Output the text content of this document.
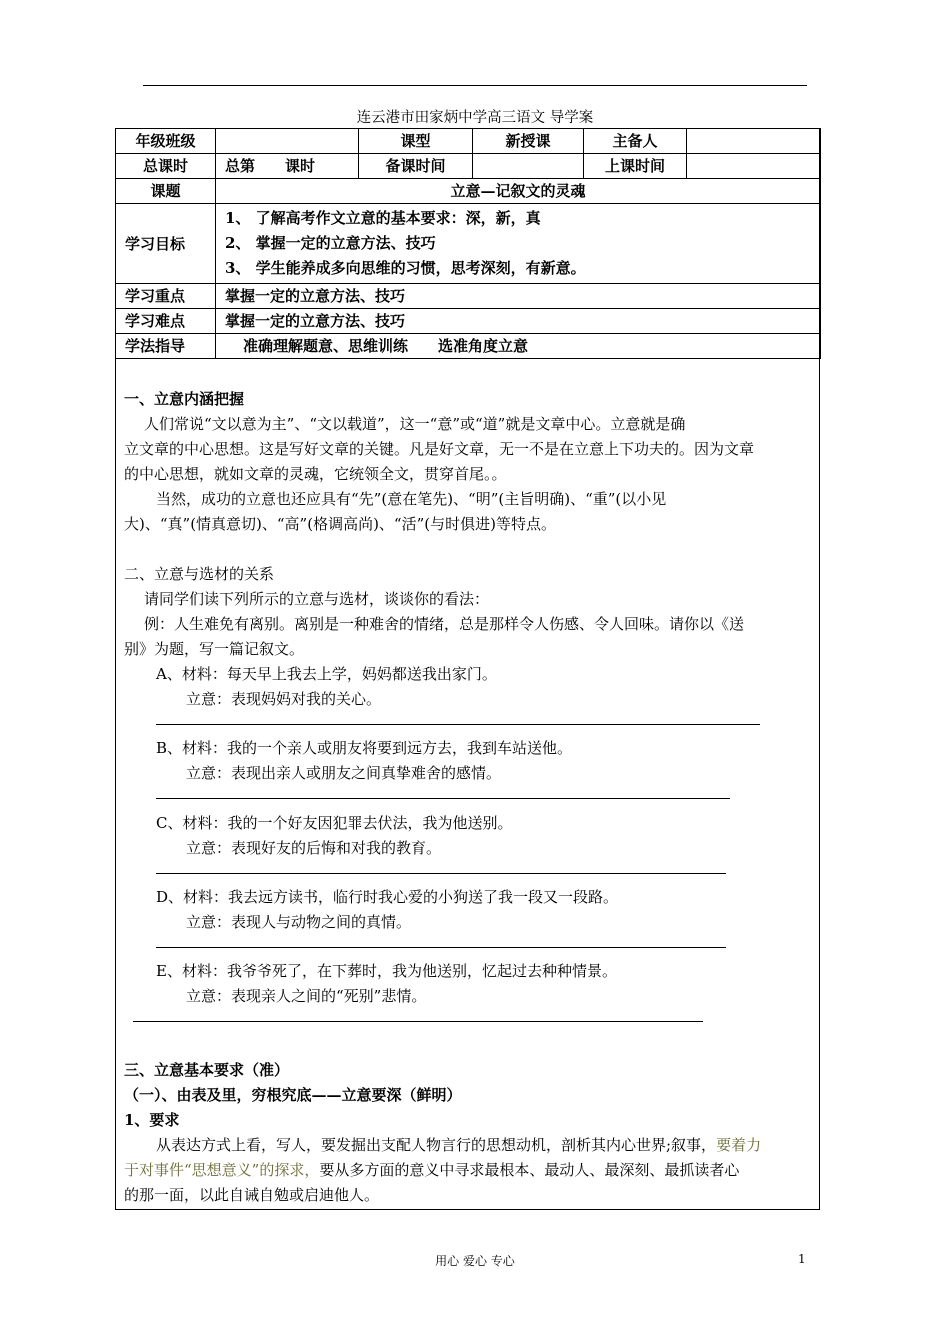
连云港市田家炳中学高三语文 导学案
年级班级		课型	新授课	主备人	
总课时	总第　　课时	备课时间		上课时间	
课题	立意—记叙文的灵魂				
学习目标	1、 了解高考作文立意的基本要求：深，新，真
2、 掌握一定的立意方法、技巧
3、 学生能养成多向思维的习惯，思考深刻，有新意。				

学习重点	掌握一定的立意方法、技巧				
学习难点	掌握一定的立意方法、技巧				
学法指导	准确理解题意、思维训练　　选准角度立意				

一、立意内涵把握

人们常说“文以意为主”、“文以载道”，这一“意”或“道”就是文章中心。立意就是确

立文章的中心思想。这是写好文章的关键。凡是好文章，无一不是在立意上下功夫的。因为文章

的中心思想，就如文章的灵魂，它统领全文，贯穿首尾。。

当然，成功的立意也还应具有“先”(意在笔先)、“明”(主旨明确)、“重”(以小见

大)、“真”(情真意切)、“高”(格调高尚)、“活”(与时俱进)等特点。

二、立意与选材的关系

请同学们读下列所示的立意与选材，谈谈你的看法：

例：人生难免有离别。离别是一种难舍的情绪，总是那样令人伤感、令人回味。请你以《送

别》为题，写一篇记叙文。

A、材料：每天早上我去上学，妈妈都送我出家门。

立意：表现妈妈对我的关心。

B、材料：我的一个亲人或朋友将要到远方去，我到车站送他。

立意：表现出亲人或朋友之间真挚难舍的感情。

C、材料：我的一个好友因犯罪去伏法，我为他送别。

立意：表现好友的后悔和对我的教育。

D、材料：我去远方读书，临行时我心爱的小狗送了我一段又一段路。

立意：表现人与动物之间的真情。

E、材料：我爷爷死了，在下葬时，我为他送别，忆起过去种种情景。

立意：表现亲人之间的“死别”悲情。

三、立意基本要求（准）

（一）、由表及里，穷根究底——立意要深（鲜明）

1、要求

从表达方式上看，写人，要发掘出支配人物言行的思想动机，剖析其内心世界;叙事，要着力

于对事件“思想意义”的探求，要从多方面的意义中寻求最根本、最动人、最深刻、最抓读者心

的那一面，以此自诫自勉或启迪他人。

用心 爱心 专心	1
